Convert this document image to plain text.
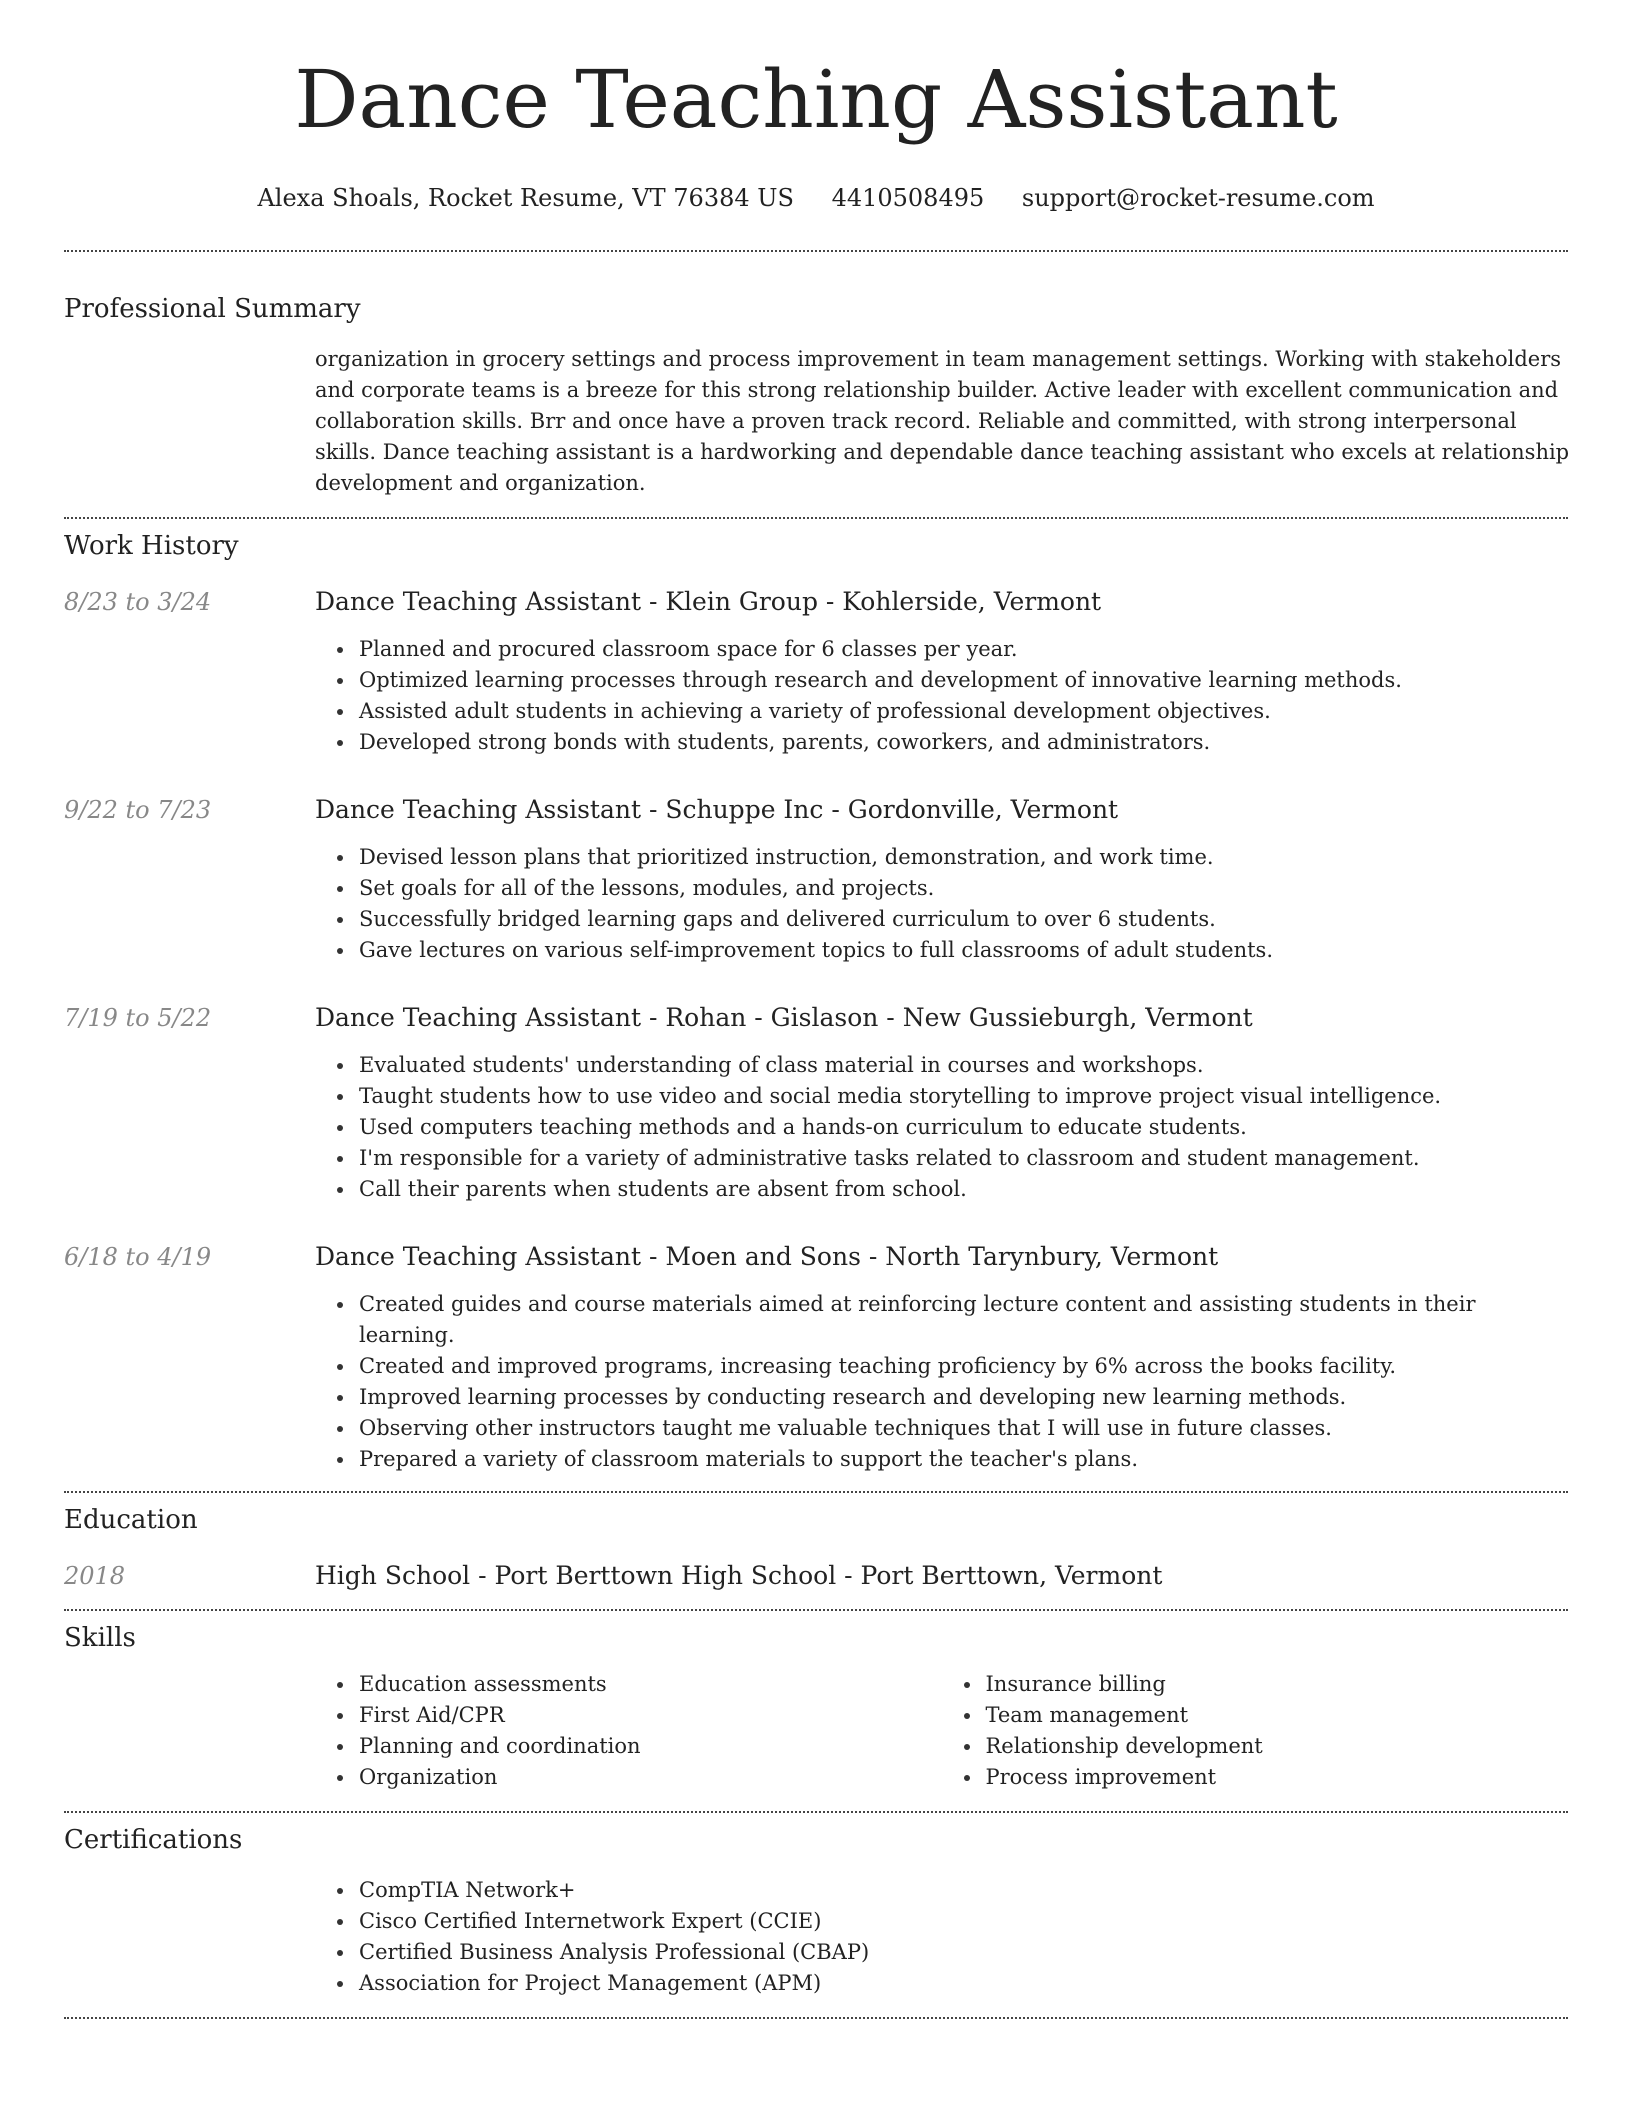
Dance Teaching Assistant
Alexa Shoals, Rocket Resume, VT 76384 US 4410508495 support@rocket-resume.com
Professional Summary
organization in grocery settings and process improvement in team management settings. Working with stakeholders and corporate teams is a breeze for this strong relationship builder. Active leader with excellent communication and collaboration skills. Brr and once have a proven track record. Reliable and committed, with strong interpersonal skills. Dance teaching assistant is a hardworking and dependable dance teaching assistant who excels at relationship development and organization.
Work History
8/23 to 3/24	Dance Teaching Assistant - Klein Group - Kohlerside, Vermont
Planned and procured classroom space for 6 classes per year.
Optimized learning processes through research and development of innovative learning methods.
Assisted adult students in achieving a variety of professional development objectives.
Developed strong bonds with students, parents, coworkers, and administrators.
9/22 to 7/23	Dance Teaching Assistant - Schuppe Inc - Gordonville, Vermont
Devised lesson plans that prioritized instruction, demonstration, and work time.
Set goals for all of the lessons, modules, and projects.
Successfully bridged learning gaps and delivered curriculum to over 6 students.
Gave lectures on various self-improvement topics to full classrooms of adult students.
7/19 to 5/22	Dance Teaching Assistant - Rohan - Gislason - New Gussieburgh, Vermont
Evaluated students' understanding of class material in courses and workshops.
Taught students how to use video and social media storytelling to improve project visual intelligence.
Used computers teaching methods and a hands-on curriculum to educate students.
I'm responsible for a variety of administrative tasks related to classroom and student management.
Call their parents when students are absent from school.
6/18 to 4/19	Dance Teaching Assistant - Moen and Sons - North Tarynbury, Vermont
Created guides and course materials aimed at reinforcing lecture content and assisting students in their learning.
Created and improved programs, increasing teaching proficiency by 6% across the books facility.
Improved learning processes by conducting research and developing new learning methods.
Observing other instructors taught me valuable techniques that I will use in future classes.
Prepared a variety of classroom materials to support the teacher's plans.
Education
2018	High School - Port Berttown High School - Port Berttown, Vermont
Skills
Education assessments
First Aid/CPR
Planning and coordination
Organization
Insurance billing
Team management
Relationship development
Process improvement
Certifications
CompTIA Network+
Cisco Certified Internetwork Expert (CCIE)
Certified Business Analysis Professional (CBAP)
Association for Project Management (APM)
